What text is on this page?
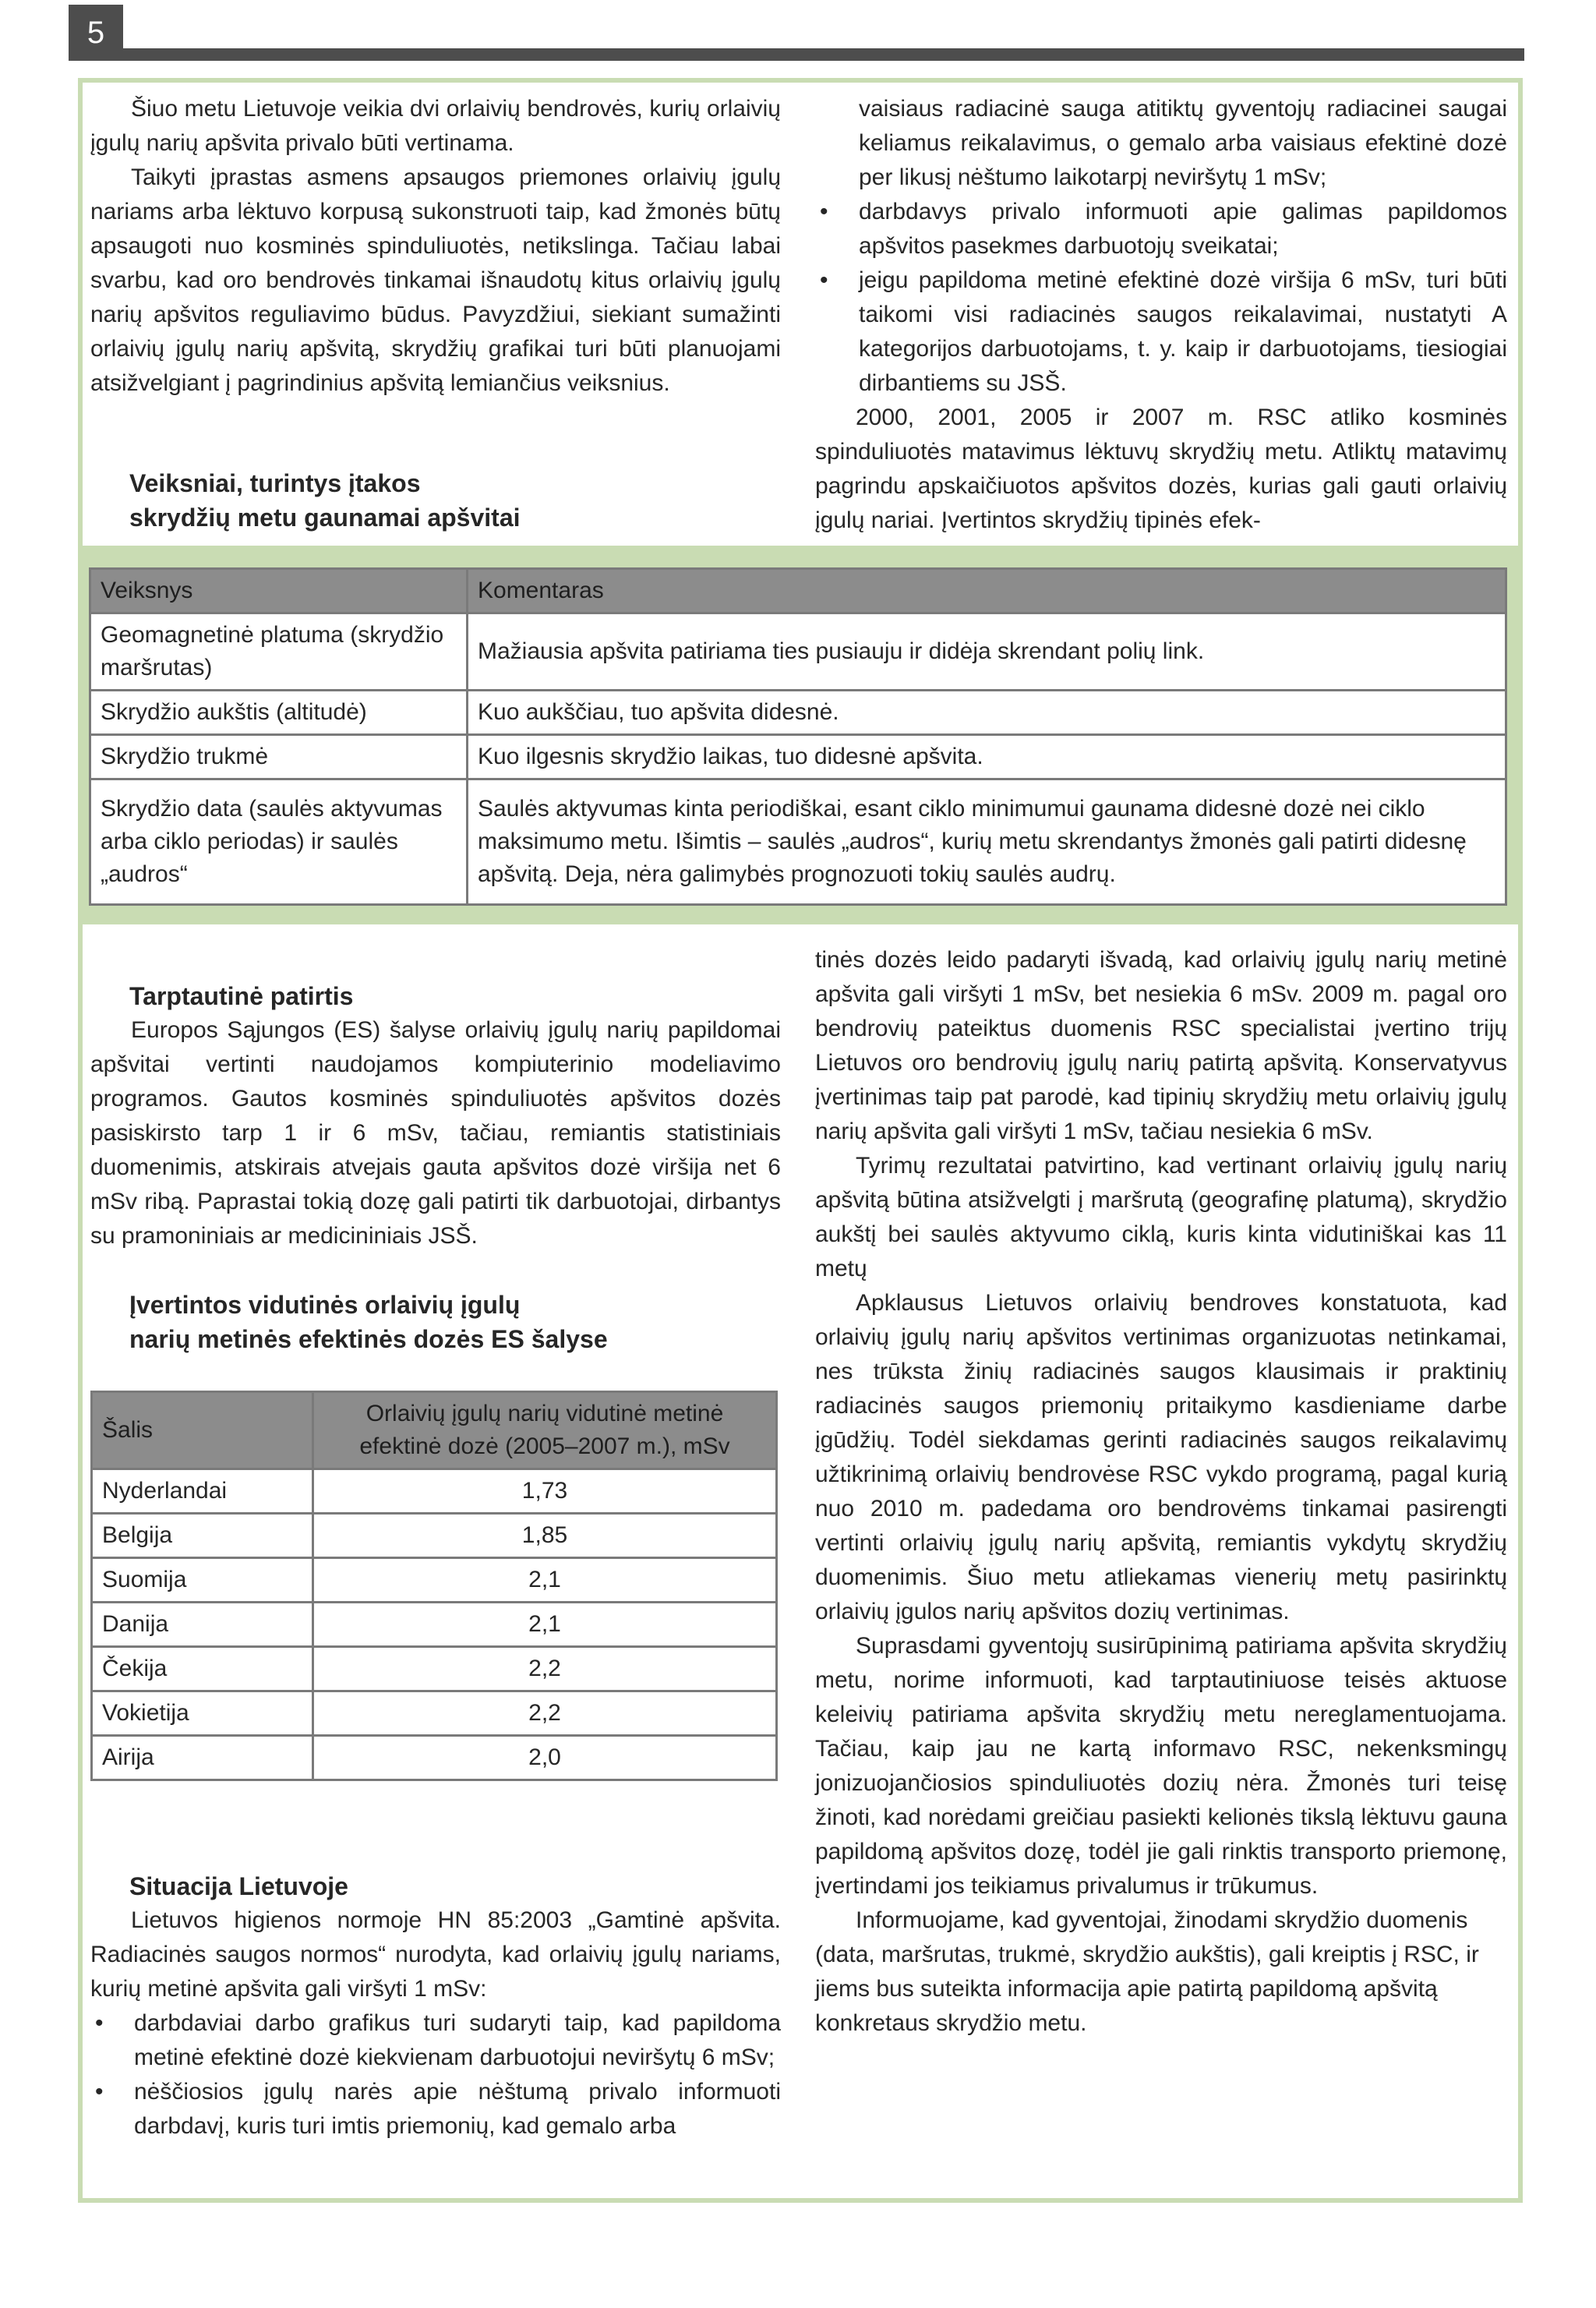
5

Šiuo metu Lietuvoje veikia dvi orlaivių bendrovės, kurių orlaivių įgulų narių apšvita privalo būti vertinama.

Taikyti įprastas asmens apsaugos priemones orlaivių įgulų nariams arba lėktuvo korpusą sukonstruoti taip, kad žmonės būtų apsaugoti nuo kosminės spinduliuotės, netikslinga. Tačiau labai svarbu, kad oro bendrovės tinkamai išnaudotų kitus orlaivių įgulų narių apšvitos reguliavimo būdus. Pavyzdžiui, siekiant sumažinti orlaivių įgulų narių apšvitą, skrydžių grafikai turi būti planuojami atsižvelgiant į pagrindinius apšvitą lemiančius veiksnius.

Veiksniai, turintys įtakos

skrydžių metu gaunamai apšvitai

vaisiaus radiacinė sauga atitiktų gyventojų radiacinei saugai keliamus reikalavimus, o gemalo arba vaisiaus efektinė dozė per likusį nėštumo laikotarpį neviršytų 1 mSv;

• darbdavys privalo informuoti apie galimas papildomos apšvitos pasekmes darbuotojų sveikatai;
• jeigu papildoma metinė efektinė dozė viršija 6 mSv, turi būti taikomi visi radiacinės saugos reikalavimai, nustatyti A kategorijos darbuotojams, t. y. kaip ir darbuotojams, tiesiogiai dirbantiems su JSŠ.

2000, 2001, 2005 ir 2007 m. RSC atliko kosminės spinduliuotės matavimus lėktuvų skrydžių metu. Atliktų matavimų pagrindu apskaičiuotos apšvitos dozės, kurias gali gauti orlaivių įgulų nariai. Įvertintos skrydžių tipinės efek-

Veiksnys	Komentaras
Geomagnetinė platuma (skrydžio maršrutas)	Mažiausia apšvita patiriama ties pusiauju ir didėja skrendant polių link.
Skrydžio aukštis (altitudė)	Kuo aukščiau, tuo apšvita didesnė.
Skrydžio trukmė	Kuo ilgesnis skrydžio laikas, tuo didesnė apšvita.
Skrydžio data (saulės aktyvumas arba ciklo periodas) ir saulės „audros“	Saulės aktyvumas kinta periodiškai, esant ciklo minimumui gaunama didesnė dozė nei ciklo maksimumo metu. Išimtis – saulės „audros“, kurių metu skrendantys žmonės gali patirti didesnę apšvitą. Deja, nėra galimybės prognozuoti tokių saulės audrų.

Tarptautinė patirtis

Europos Sąjungos (ES) šalyse orlaivių įgulų narių papildomai apšvitai vertinti naudojamos kompiuterinio modeliavimo programos. Gautos kosminės spinduliuotės apšvitos dozės pasiskirsto tarp 1 ir 6 mSv, tačiau, remiantis statistiniais duomenimis, atskirais atvejais gauta apšvitos dozė viršija net 6 mSv ribą. Paprastai tokią dozę gali patirti tik darbuotojai, dirbantys su pramoniniais ar medicininiais JSŠ.

Įvertintos vidutinės orlaivių įgulų

narių metinės efektinės dozės ES šalyse

Šalis	Orlaivių įgulų narių vidutinė metinė efektinė dozė (2005–2007 m.), mSv
Nyderlandai	1,73
Belgija	1,85
Suomija	2,1
Danija	2,1
Čekija	2,2
Vokietija	2,2
Airija	2,0

Situacija Lietuvoje

Lietuvos higienos normoje HN 85:2003 „Gamtinė apšvita. Radiacinės saugos normos“ nurodyta, kad orlaivių įgulų nariams, kurių metinė apšvita gali viršyti 1 mSv:

• darbdaviai darbo grafikus turi sudaryti taip, kad papildoma metinė efektinė dozė kiekvienam darbuotojui neviršytų 6 mSv;
• nėščiosios įgulų narės apie nėštumą privalo informuoti darbdavį, kuris turi imtis priemonių, kad gemalo arba

tinės dozės leido padaryti išvadą, kad orlaivių įgulų narių metinė apšvita gali viršyti 1 mSv, bet nesiekia 6 mSv. 2009 m. pagal oro bendrovių pateiktus duomenis RSC specialistai įvertino trijų Lietuvos oro bendrovių įgulų narių patirtą apšvitą. Konservatyvus įvertinimas taip pat parodė, kad tipinių skrydžių metu orlaivių įgulų narių apšvita gali viršyti 1 mSv, tačiau nesiekia 6 mSv.

Tyrimų rezultatai patvirtino, kad vertinant orlaivių įgulų narių apšvitą būtina atsižvelgti į maršrutą (geografinę platumą), skrydžio aukštį bei saulės aktyvumo ciklą, kuris kinta vidutiniškai kas 11 metų

Apklausus Lietuvos orlaivių bendroves konstatuota, kad orlaivių įgulų narių apšvitos vertinimas organizuotas netinkamai, nes trūksta žinių radiacinės saugos klausimais ir praktinių radiacinės saugos priemonių pritaikymo kasdieniame darbe įgūdžių. Todėl siekdamas gerinti radiacinės saugos reikalavimų užtikrinimą orlaivių bendrovėse RSC vykdo programą, pagal kurią nuo 2010 m. padedama oro bendrovėms tinkamai pasirengti vertinti orlaivių įgulų narių apšvitą, remiantis vykdytų skrydžių duomenimis. Šiuo metu atliekamas vienerių metų pasirinktų orlaivių įgulos narių apšvitos dozių vertinimas.

Suprasdami gyventojų susirūpinimą patiriama apšvita skrydžių metu, norime informuoti, kad tarptautiniuose teisės aktuose keleivių patiriama apšvita skrydžių metu nereglamentuojama. Tačiau, kaip jau ne kartą informavo RSC, nekenksmingų jonizuojančiosios spinduliuotės dozių nėra. Žmonės turi teisę žinoti, kad norėdami greičiau pasiekti kelionės tikslą lėktuvu gauna papildomą apšvitos dozę, todėl jie gali rinktis transporto priemonę, įvertindami jos teikiamus privalumus ir trūkumus.

Informuojame, kad gyventojai, žinodami skrydžio duomenis (data, maršrutas, trukmė, skrydžio aukštis), gali kreiptis į RSC, ir jiems bus suteikta informacija apie patirtą papildomą apšvitą konkretaus skrydžio metu.
